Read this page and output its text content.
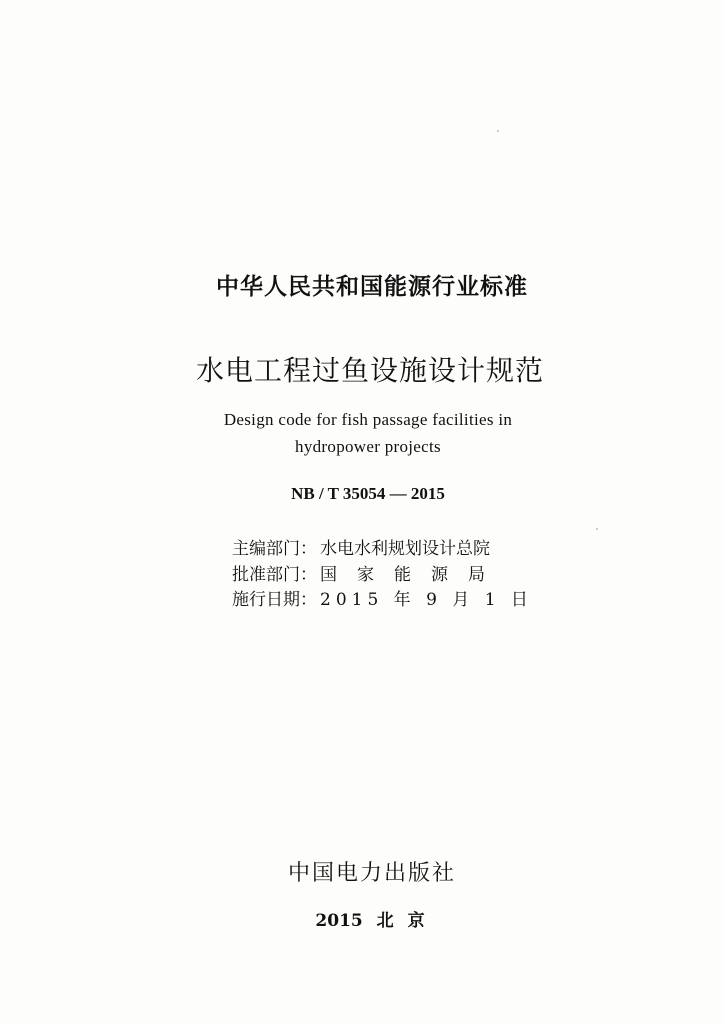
中华人民共和国能源行业标准
水电工程过鱼设施设计规范
Design code for fish passage facilities in
hydropower projects
NB / T 35054 — 2015
主编部门： 水电水利规划设计总院
批准部门： 国家能源局
施行日期： 2015 年 9 月 1 日
中国电力出版社
2015 北 京
